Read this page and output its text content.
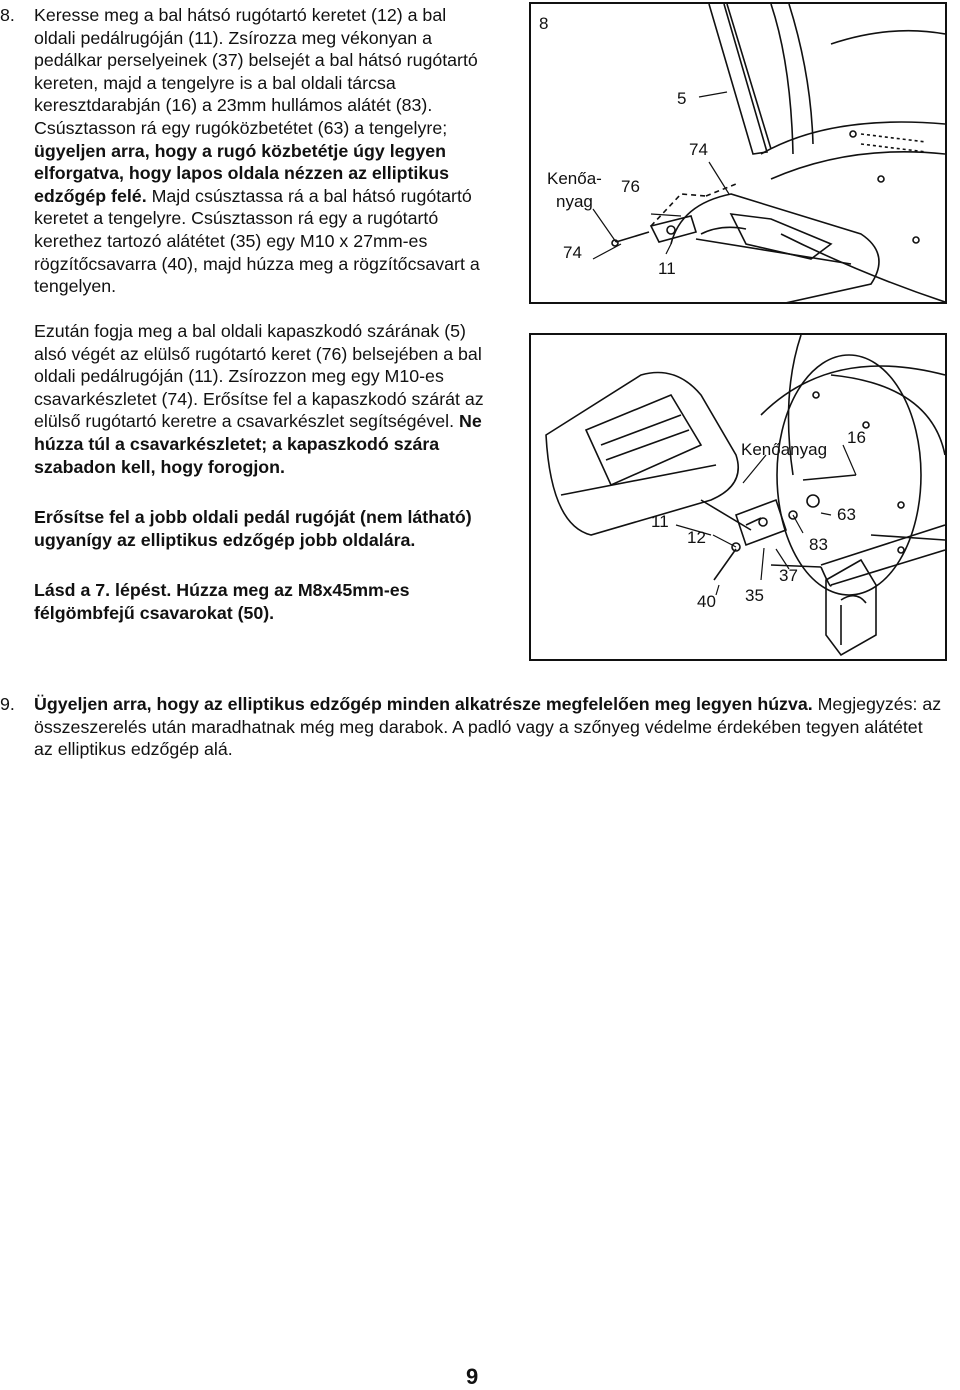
8. Keresse meg a bal hátsó rugótartó keretet (12) a bal oldali pedálrugóján (11). Zsírozza meg vékonyan a pedálkar perselyeinek (37) belsejét a bal hátsó rugótartó kereten, majd a tengelyre is a bal oldali tárcsa keresztdarabján (16) a 23mm hullámos alátét (83). Csúsztasson rá egy rugóközbetétet (63) a tengelyre; ügyeljen arra, hogy a rugó közbetétje úgy legyen elforgatva, hogy lapos oldala nézzen az elliptikus edzőgép felé. Majd csúsztassa rá a bal hátsó rugótartó keretet a tengelyre. Csúsztasson rá egy a rugótartó kerethez tartozó alátétet (35) egy M10 x 27mm-es rögzítőcsavarra (40), majd húzza meg a rögzítőcsavart a tengelyen.

Ezután fogja meg a bal oldali kapaszkodó szárának (5) alsó végét az elülső rugótartó keret (76) belsejében a bal oldali pedálrugóján (11). Zsírozzon meg egy M10-es csavarkészletet (74). Erősítse fel a kapaszkodó szárát az elülső rugótartó keretre a csavarkészlet segítségével. Ne húzza túl a csavarkészletet; a kapaszkodó szára szabadon kell, hogy forogjon.

Erősítse fel a jobb oldali pedál rugóját (nem látható) ugyanígy az elliptikus edzőgép jobb oldalára.

Lásd a 7. lépést. Húzza meg az M8x45mm-es félgömbfejű csavarokat (50).

8
5
74
Kenőa-
nyag
76
74
11
Kenőanyag
16
63
11
12	83
37
40 35
9. Ügyeljen arra, hogy az elliptikus edzőgép minden alkatrésze megfelelően meg legyen húzva. Megjegyzés: az összeszerelés után maradhatnak még meg darabok. A padló vagy a szőnyeg védelme érdekében tegyen alátétet az elliptikus edzőgép alá.
9
